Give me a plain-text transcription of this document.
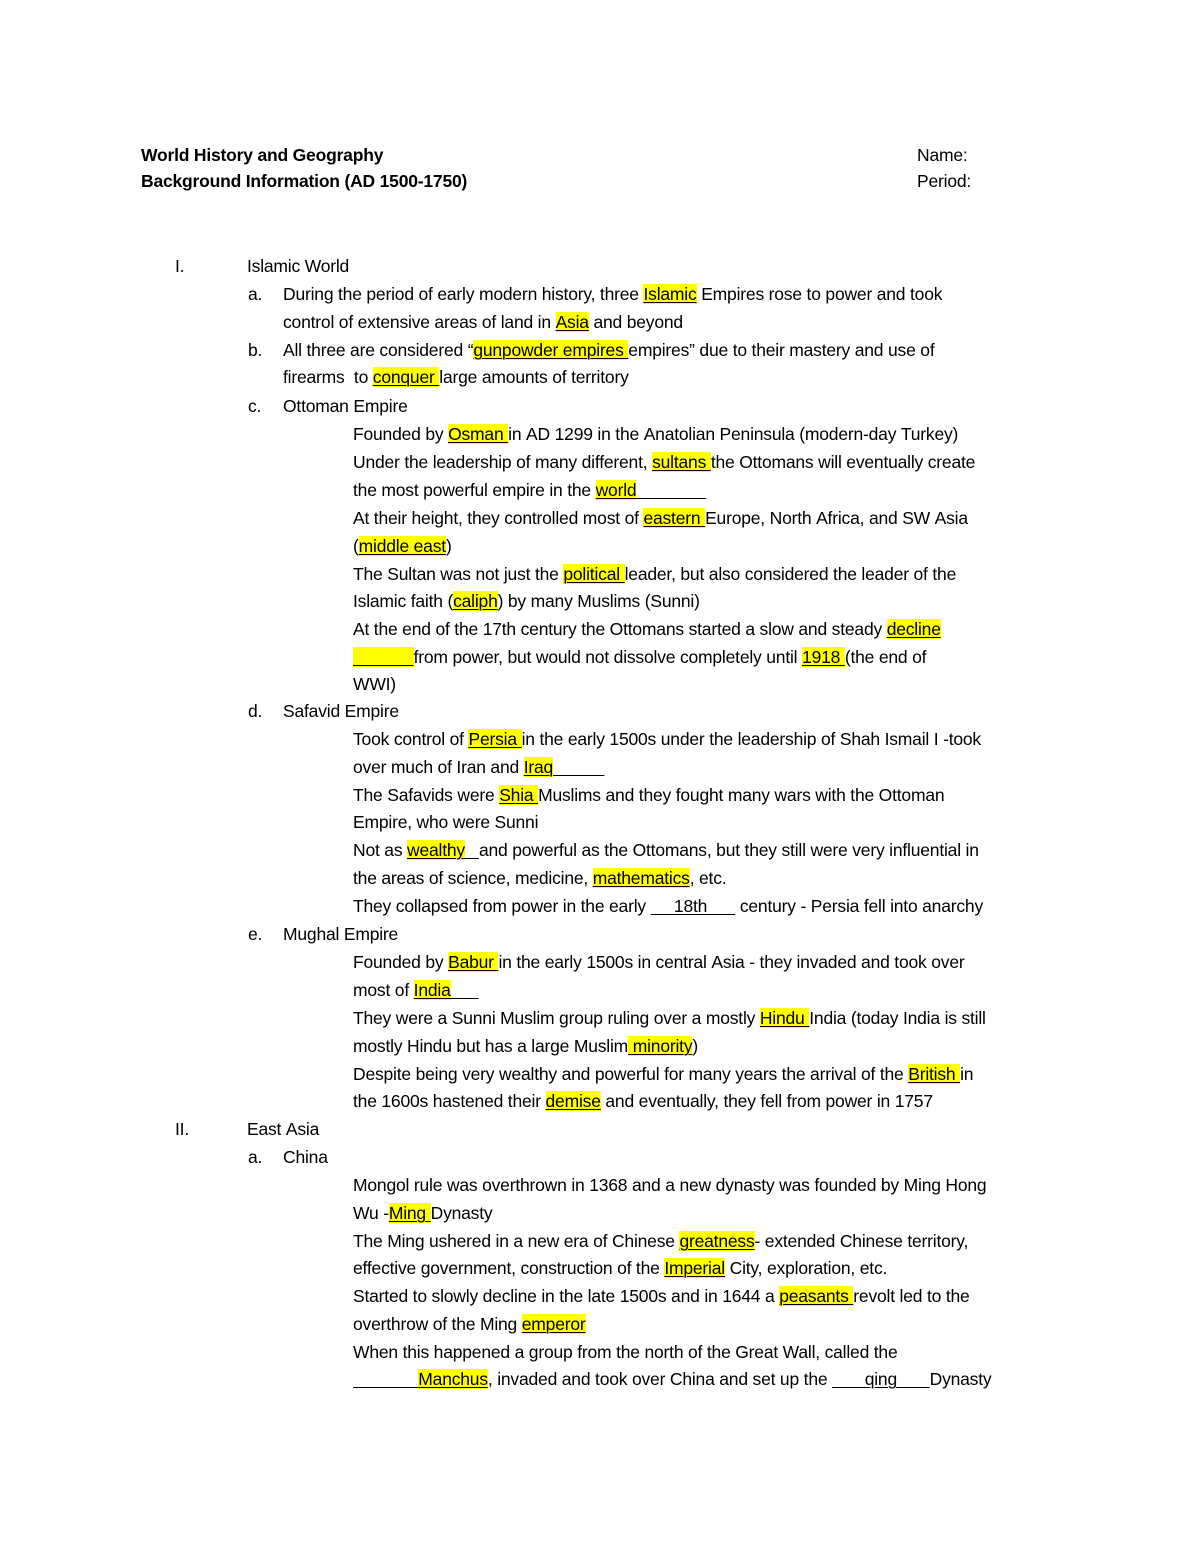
World History and Geography
Background Information (AD 1500-1750)
Name:
Period:
I.	Islamic World
a. During the period of early modern history, three Islamic Empires rose to power and took
control of extensive areas of land in Asia and beyond
b. All three are considered “gunpowder empires empires” due to their mastery and use of
firearms  to conquer large amounts of territory
c. Ottoman Empire
Founded by Osman in AD 1299 in the Anatolian Peninsula (modern-day Turkey)
Under the leadership of many different, sultans the Ottomans will eventually create
the most powerful empire in the world
At their height, they controlled most of eastern Europe, North Africa, and SW Asia
(middle east)
The Sultan was not just the political leader, but also considered the leader of the
Islamic faith (caliph) by many Muslims (Sunni)
At the end of the 17th century the Ottomans started a slow and steady decline
from power, but would not dissolve completely until 1918 (the end of
WWI)
d. Safavid Empire
Took control of Persia in the early 1500s under the leadership of Shah Ismail I -took
over much of Iran and Iraq
The Safavids were Shia Muslims and they fought many wars with the Ottoman
Empire, who were Sunni
Not as wealthy and powerful as the Ottomans, but they still were very influential in
the areas of science, medicine, mathematics, etc.
They collapsed from power in the early      18th       century - Persia fell into anarchy
e. Mughal Empire
Founded by Babur in the early 1500s in central Asia - they invaded and took over
most of India
They were a Sunni Muslim group ruling over a mostly Hindu India (today India is still
mostly Hindu but has a large Muslim minority)
Despite being very wealthy and powerful for many years the arrival of the British in
the 1600s hastened their demise and eventually, they fell from power in 1757
II.	East Asia
a. China
Mongol rule was overthrown in 1368 and a new dynasty was founded by Ming Hong
Wu -Ming Dynasty
The Ming ushered in a new era of Chinese greatness- extended Chinese territory,
effective government, construction of the Imperial City, exploration, etc.
Started to slowly decline in the late 1500s and in 1644 a peasants revolt led to the
overthrow of the Ming emperor
When this happened a group from the north of the Great Wall, called the
Manchus, invaded and took over China and set up the        qing       Dynasty
